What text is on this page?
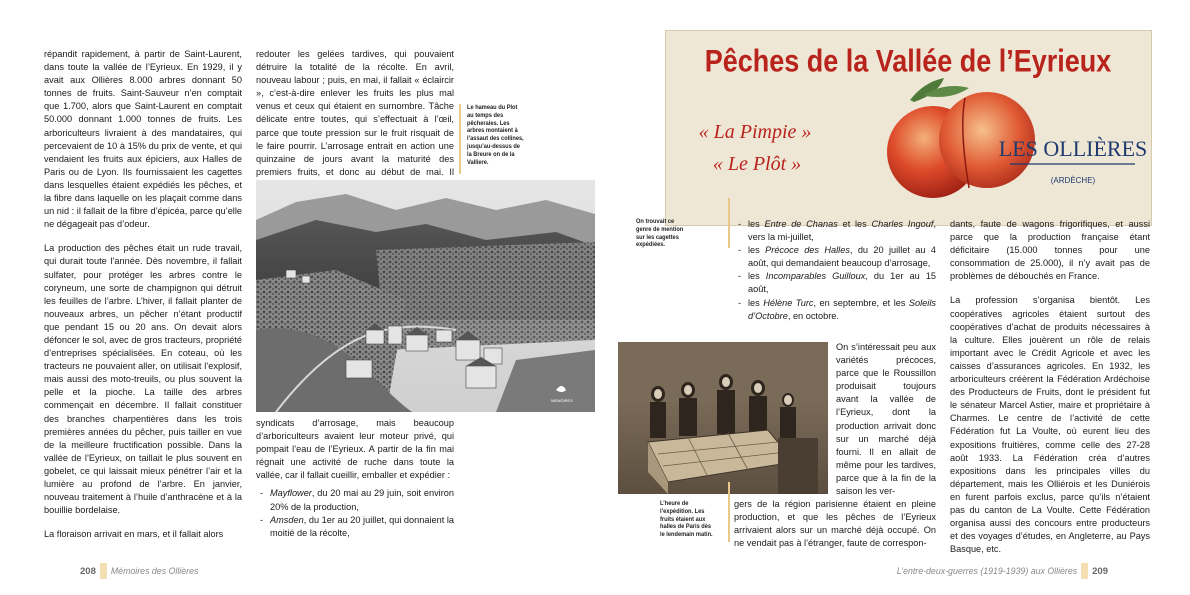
répandit rapidement, à partir de Saint-Laurent, dans toute la vallée de l’Eyrieux. En 1929, il y avait aux Ollières 8.000 arbres donnant 50 tonnes de fruits. Saint-Sauveur n’en comptait que 1.700, alors que Saint-Laurent en comptait 50.000 donnant 1.000 tonnes de fruits. Les arboriculteurs livraient à des mandataires, qui percevaient de 10 à 15% du prix de vente, et qui vendaient les fruits aux épiciers, aux Halles de Paris ou de Lyon. Ils fournissaient les cagettes dans lesquelles étaient expédiés les pêches, et la fibre dans laquelle on les plaçait comme dans un nid : il fallait de la fibre d’épicéa, parce qu’elle ne dégageait pas d’odeur.

La production des pêches était un rude travail, qui durait toute l’année. Dès novembre, il fallait sulfater, pour protéger les arbres contre le coryneum, une sorte de champignon qui détruit les feuilles de l’arbre. L’hiver, il fallait planter de nouveaux arbres, un pêcher n’étant productif que pendant 15 ou 20 ans. On devait alors défoncer le sol, avec de gros tracteurs, propriété d’entreprises spécialisées. En coteau, où les tracteurs ne pouvaient aller, on utilisait l’explosif, mais aussi des moto-treuils, ou plus souvent la pelle et la pioche. La taille des arbres commençait en décembre. Il fallait constituer des branches charpentières dans les trois premières années du pêcher, puis tailler en vue de la meilleure fructification possible. Dans la vallée de l’Eyrieux, on taillait le plus souvent en gobelet, ce qui laissait mieux pénétrer l’air et la lumière au profond de l’arbre. En janvier, nouveau traitement à l’huile d’anthracène et à la bouillie bordelaise.

La floraison arrivait en mars, et il fallait alors

redouter les gelées tardives, qui pouvaient détruire la totalité de la récolte. En avril, nouveau labour ; puis, en mai, il fallait « éclaircir », c’est-à-dire enlever les fruits les plus mal venus et ceux qui étaient en surnombre. Tâche délicate entre toutes, qui s’effectuait à l’œil, parce que toute pression sur le fruit risquait de le faire pourrir. L’arrosage entrait en action une quinzaine de jours avant la maturité des premiers fruits, et donc au début de mai. Il

Le hameau du Plot au temps des pêcheraies. Les arbres montaient à l’assaut des collines, jusqu’au-dessus de la Breure on de la Valliere.
MEMOIRES

syndicats d’arrosage, mais beaucoup d’arboriculteurs avaient leur moteur privé, qui pompait l’eau de l’Eyrieux. A partir de la fin mai régnait une activité de ruche dans toute la vallée, car il fallait cueillir, emballer et expédier :

- Mayflower, du 20 mai au 29 juin, soit environ 20% de la production,
- Amsden, du 1er au 20 juillet, qui donnaient la moitié de la récolte,
208 Mémoires des Ollières
Pêches de la Vallée de l’Eyrieux
« La Pimpie »
« Le Plôt »
LES OLLIÈRES
(ARDÈCHE)
On trouvait ce genre de mention sur les cagettes expédiées.
- les Entre de Chanas et les Charles Ingouf, vers la mi-juillet,
- les Précoce des Halles, du 20 juillet au 4 août, qui demandaient beaucoup d’arrosage,
- les Incomparables Guilloux, du 1er au 15 août,
- les Hélène Turc, en septembre, et les Soleils d’Octobre, en octobre.
L’heure de l’expédition. Les fruits étaient aux halles de Paris dès le lendemain matin.

On s’intéressait peu aux variétés précoces, parce que le Roussillon produisait toujours avant la vallée de l’Eyrieux, dont la production arrivait donc sur un marché déjà fourni. Il en allait de même pour les tardives, parce que à la fin de la saison les ver-

gers de la région parisienne étaient en pleine production, et que les pêches de l’Eyrieux arrivaient alors sur un marché déjà occupé. On ne vendait pas à l’étranger, faute de correspon-

dants, faute de wagons frigorifiques, et aussi parce que la production française étant déficitaire (15.000 tonnes pour une consommation de 25.000), il n’y avait pas de problèmes de débouchés en France.

La profession s’organisa bientôt. Les coopératives agricoles étaient surtout des coopératives d’achat de produits nécessaires à la culture. Elles jouèrent un rôle de relais important avec le Crédit Agricole et avec les caisses d’assurances agricoles. En 1932, les arboriculteurs créèrent la Fédération Ardéchoise des Producteurs de Fruits, dont le président fut le sénateur Marcel Astier, maire et propriétaire à Charmes. Le centre de l’activité de cette Fédération fut La Voulte, où eurent lieu des expositions fruitières, comme celle des 27-28 août 1933. La Fédération créa d’autres expositions dans les principales villes du département, mais les Olliérois et les Duniérois en furent parfois exclus, parce qu’ils n’étaient pas du canton de La Voulte. Cette Fédération organisa aussi des concours entre producteurs et des voyages d’études, en Angleterre, au Pays Basque, etc.

L’entre-deux-guerres (1919-1939) aux Ollières 209
